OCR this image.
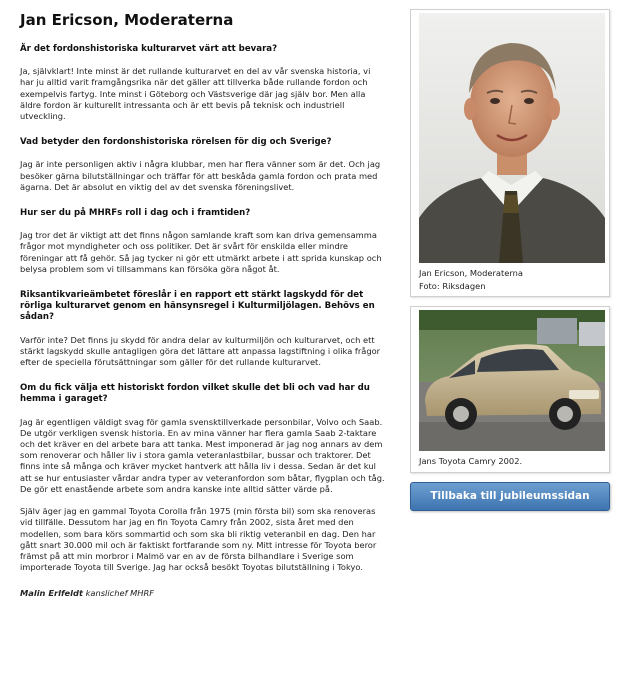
Jan Ericson, Moderaterna
Är det fordonshistoriska kulturarvet värt att bevara?
Ja, självklart! Inte minst är det rullande kulturarvet en del av vår svenska historia, vi har ju alltid varit framgångsrika när det gäller att tillverka både rullande fordon och exempelvis fartyg. Inte minst i Göteborg och Västsverige där jag själv bor. Men alla äldre fordon är kulturellt intressanta och är ett bevis på teknisk och industriell utveckling.
Vad betyder den fordonshistoriska rörelsen för dig och Sverige?
Jag är inte personligen aktiv i några klubbar, men har flera vänner som är det. Och jag besöker gärna bilutställningar och träffar för att beskåda gamla fordon och prata med ägarna. Det är absolut en viktig del av det svenska föreningslivet.
Hur ser du på MHRFs roll i dag och i framtiden?
Jag tror det är viktigt att det finns någon samlande kraft som kan driva gemensamma frågor mot myndigheter och oss politiker. Det är svårt för enskilda eller mindre föreningar att få gehör. Så jag tycker ni gör ett utmärkt arbete i att sprida kunskap och belysa problem som vi tillsammans kan försöka göra något åt.
Riksantikvarieämbetet föreslår i en rapport ett stärkt lagskydd för det rörliga kulturarvet genom en hänsynsregel i Kulturmiljölagen. Behövs en sådan?
Varför inte? Det finns ju skydd för andra delar av kulturmiljön och kulturarvet, och ett stärkt lagskydd skulle antagligen göra det lättare att anpassa lagstiftning i olika frågor efter de speciella förutsättningar som gäller för det rullande kulturarvet.
Om du fick välja ett historiskt fordon vilket skulle det bli och vad har du hemma i garaget?
Jag är egentligen väldigt svag för gamla svensktillverkade personbilar, Volvo och Saab. De utgör verkligen svensk historia. En av mina vänner har flera gamla Saab 2-taktare och det kräver en del arbete bara att tanka. Mest imponerad är jag nog annars av dem som renoverar och håller liv i stora gamla veteranlastbilar, bussar och traktorer. Det finns inte så många och kräver mycket hantverk att hålla liv i dessa. Sedan är det kul att se hur entusiaster vårdar andra typer av veteranfordon som båtar, flygplan och tåg. De gör ett enastående arbete som andra kanske inte alltid sätter värde på.
Själv äger jag en gammal Toyota Corolla från 1975 (min första bil) som ska renoveras vid tillfälle. Dessutom har jag en fin Toyota Camry från 2002, sista året med den modellen, som bara körs sommartid och som ska bli riktig veteranbil en dag. Den har gått snart 30.000 mil och är faktiskt fortfarande som ny. Mitt intresse för Toyota beror främst på att min morbror i Malmö var en av de första bilhandlare i Sverige som importerade Toyota till Sverige. Jag har också besökt Toyotas bilutställning i Tokyo.
Malin Erlfeldt kanslichef MHRF
Jan Ericson, Moderaterna
Foto: Riksdagen
Jans Toyota Camry 2002.
Tillbaka till jubileumssidan
